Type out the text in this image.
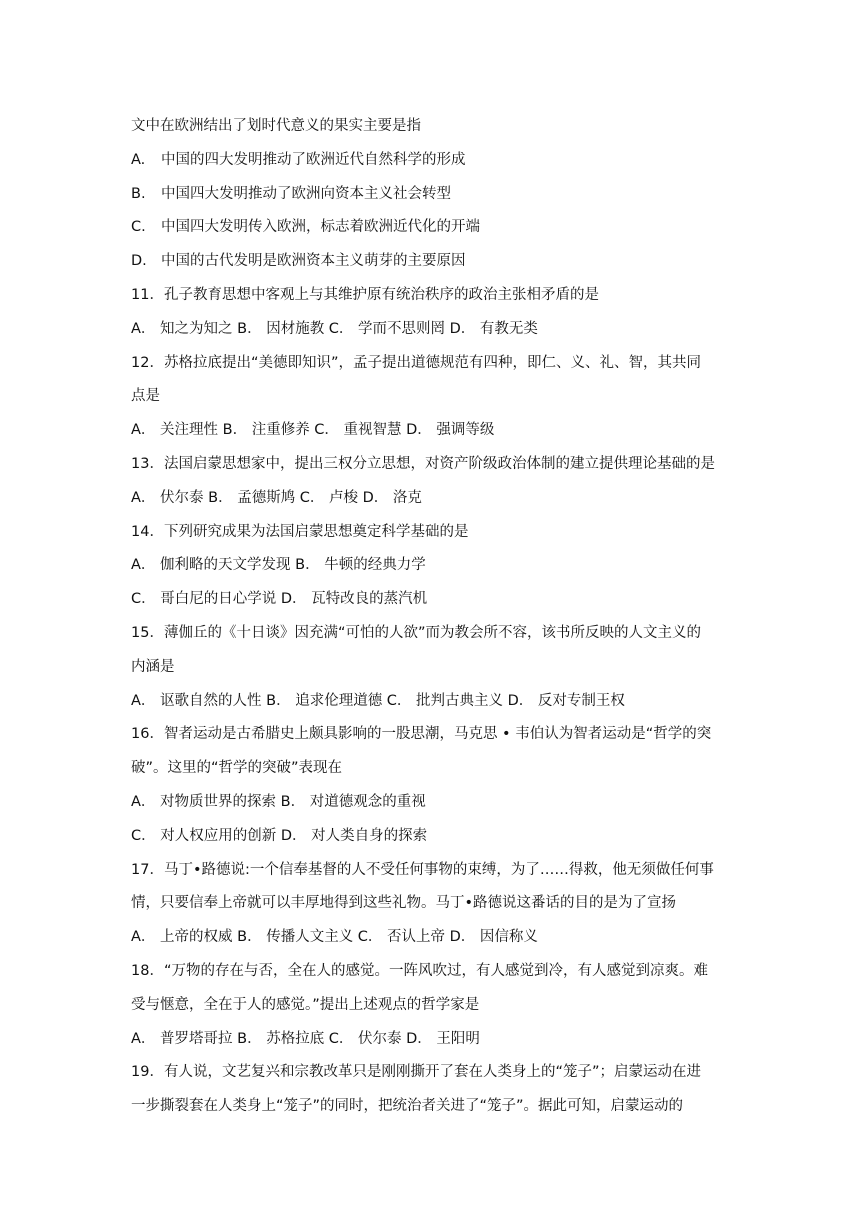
文中在欧洲结出了划时代意义的果实主要是指
A. 中国的四大发明推动了欧洲近代自然科学的形成
B. 中国四大发明推动了欧洲向资本主义社会转型
C. 中国四大发明传入欧洲，标志着欧洲近代化的开端
D. 中国的古代发明是欧洲资本主义萌芽的主要原因
11．孔子教育思想中客观上与其维护原有统治秩序的政治主张相矛盾的是
A． 知之为知之 B． 因材施教 C． 学而不思则罔 D． 有教无类
12．苏格拉底提出“美德即知识”，孟子提出道德规范有四种，即仁、义、礼、智，其共同
点是
A． 关注理性 B． 注重修养 C． 重视智慧 D． 强调等级
13．法国启蒙思想家中，提出三权分立思想，对资产阶级政治体制的建立提供理论基础的是
A． 伏尔泰 B． 孟德斯鸠 C． 卢梭 D． 洛克
14．下列研究成果为法国启蒙思想奠定科学基础的是
A． 伽利略的天文学发现 B． 牛顿的经典力学
C． 哥白尼的日心学说 D． 瓦特改良的蒸汽机
15．薄伽丘的《十日谈》因充满“可怕的人欲”而为教会所不容，该书所反映的人文主义的
内涵是
A． 讴歌自然的人性 B． 追求伦理道德 C． 批判古典主义 D． 反对专制王权
16．智者运动是古希腊史上颇具影响的一股思潮，马克思 • 韦伯认为智者运动是“哲学的突
破”。这里的“哲学的突破”表现在
A． 对物质世界的探索 B． 对道德观念的重视
C． 对人权应用的创新 D． 对人类自身的探索
17．马丁•路德说:一个信奉基督的人不受任何事物的束缚，为了……得救，他无须做任何事
情，只要信奉上帝就可以丰厚地得到这些礼物。马丁•路德说这番话的目的是为了宣扬
A． 上帝的权威 B． 传播人文主义 C． 否认上帝 D． 因信称义
18．“万物的存在与否，全在人的感觉。一阵风吹过，有人感觉到冷，有人感觉到凉爽。难
受与惬意，全在于人的感觉。”提出上述观点的哲学家是
A． 普罗塔哥拉 B． 苏格拉底 C． 伏尔泰 D． 王阳明
19．有人说，文艺复兴和宗教改革只是刚刚撕开了套在人类身上的“笼子”；启蒙运动在进
一步撕裂套在人类身上“笼子”的同时，把统治者关进了“笼子”。据此可知，启蒙运动的
